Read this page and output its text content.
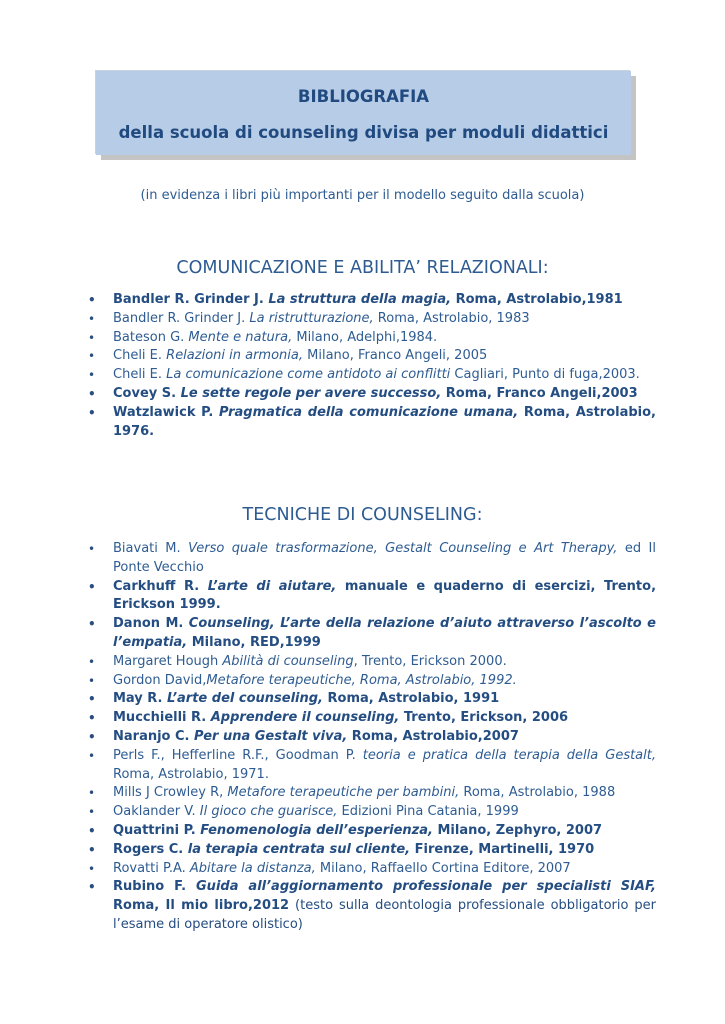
BIBLIOGRAFIA
della scuola di counseling divisa per moduli didattici
(in evidenza i libri più importanti per il modello seguito dalla scuola)
COMUNICAZIONE E ABILITA’ RELAZIONALI:
• Bandler R. Grinder J. La struttura della magia, Roma, Astrolabio,1981
• Bandler R. Grinder J. La ristrutturazione, Roma, Astrolabio, 1983
• Bateson G. Mente e natura, Milano, Adelphi,1984.
• Cheli E. Relazioni in armonia, Milano, Franco Angeli, 2005
• Cheli E. La comunicazione come antidoto ai conflitti Cagliari, Punto di fuga,2003.
• Covey S. Le sette regole per avere successo, Roma, Franco Angeli,2003
• Watzlawick P. Pragmatica della comunicazione umana, Roma, Astrolabio, 1976.
TECNICHE DI COUNSELING:
• Biavati M. Verso quale trasformazione, Gestalt Counseling e Art Therapy, ed Il Ponte Vecchio
• Carkhuff R. L’arte di aiutare, manuale e quaderno di esercizi, Trento, Erickson 1999.
• Danon M. Counseling, L’arte della relazione d’aiuto attraverso l’ascolto e l’empatia, Milano, RED,1999
• Margaret Hough Abilità di counseling, Trento, Erickson 2000.
• Gordon David,Metafore terapeutiche, Roma, Astrolabio, 1992.
• May R. L’arte del counseling, Roma, Astrolabio, 1991
• Mucchielli R. Apprendere il counseling, Trento, Erickson, 2006
• Naranjo C. Per una Gestalt viva, Roma, Astrolabio,2007
• Perls F., Hefferline R.F., Goodman P. teoria e pratica della terapia della Gestalt, Roma, Astrolabio, 1971.
• Mills J Crowley R, Metafore terapeutiche per bambini, Roma, Astrolabio, 1988
• Oaklander V. Il gioco che guarisce, Edizioni Pina Catania, 1999
• Quattrini P. Fenomenologia dell’esperienza, Milano, Zephyro, 2007
• Rogers C. la terapia centrata sul cliente, Firenze, Martinelli, 1970
• Rovatti P.A. Abitare la distanza, Milano, Raffaello Cortina Editore, 2007
• Rubino F. Guida all’aggiornamento professionale per specialisti SIAF, Roma, Il mio libro,2012 (testo sulla deontologia professionale obbligatorio per l’esame di operatore olistico)
